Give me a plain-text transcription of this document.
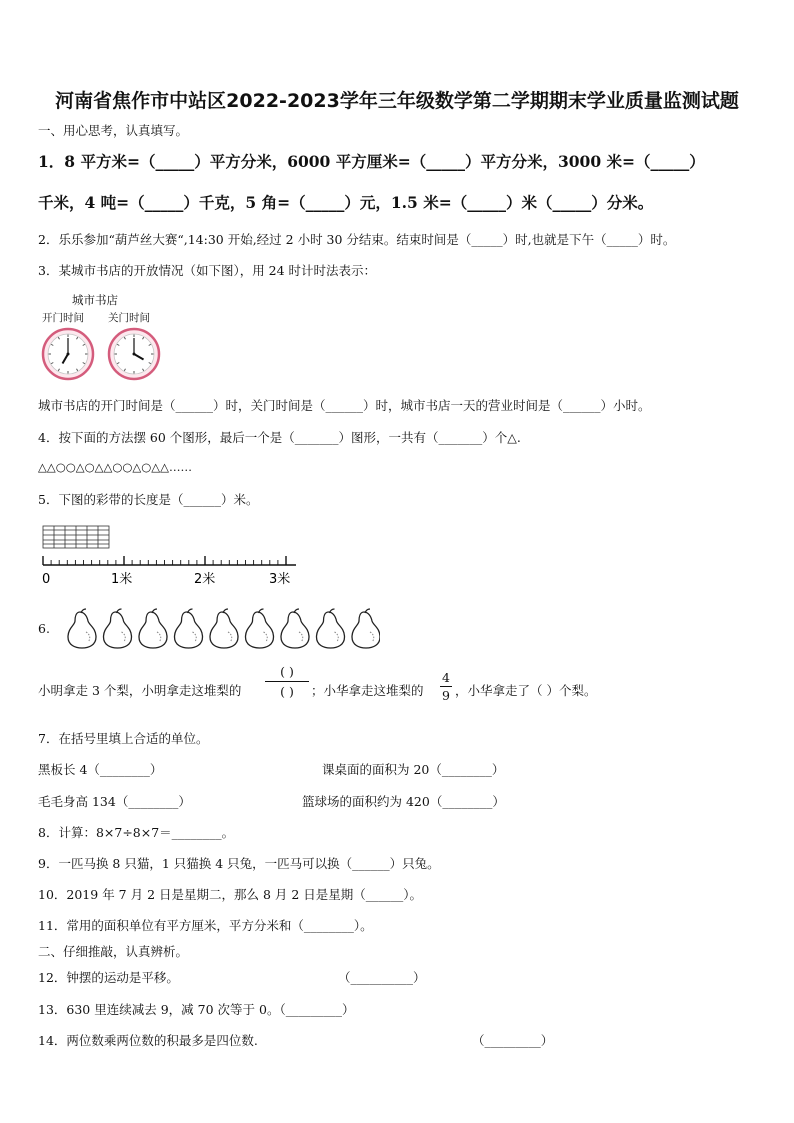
河南省焦作市中站区2022-2023学年三年级数学第二学期期末学业质量监测试题
一、用心思考，认真填写。
1．8 平方米=（_____）平方分米，6000 平方厘米=（_____）平方分米，3000 米=（_____）
千米，4 吨=（_____）千克，5 角=（_____）元，1.5 米=（_____）米（_____）分米。
2．乐乐参加“葫芦丝大赛“,14:30 开始,经过 2 小时 30 分结束。结束时间是（_____）时,也就是下午（_____）时。
3．某城市书店的开放情况（如下图），用 24 时计时法表示：
城市书店
开门时间 关门时间
城市书店的开门时间是（______）时，关门时间是（______）时，城市书店一天的营业时间是（______）小时。
4．按下面的方法摆 60 个图形，最后一个是（_______）图形，一共有（_______）个△.
△△○○△○△△○○△○△△……
5．下图的彩带的长度是（______）米。
0	1米	2米	3米
6.
小明拿走 3 个梨，小明拿走这堆梨的
( )
( )	；小华拿走这堆梨的
4
9 ，小华拿走了（ ）个梨。
7．在括号里填上合适的单位。
黑板长 4（________）	课桌面的面积为 20（________）
毛毛身高 134（________）	篮球场的面积约为 420（________）
8．计算：8×7÷8×7＝________。
9．一匹马换 8 只猫，1 只猫换 4 只兔，一匹马可以换（______）只兔。
10．2019 年 7 月 2 日是星期二，那么 8 月 2 日是星期（______）。
11．常用的面积单位有平方厘米，平方分米和（________）。
二、仔细推敲，认真辨析。
12．钟摆的运动是平移。	（__________）
13．630 里连续减去 9，减 70 次等于 0。（_________）
14．两位数乘两位数的积最多是四位数.	（_________）
